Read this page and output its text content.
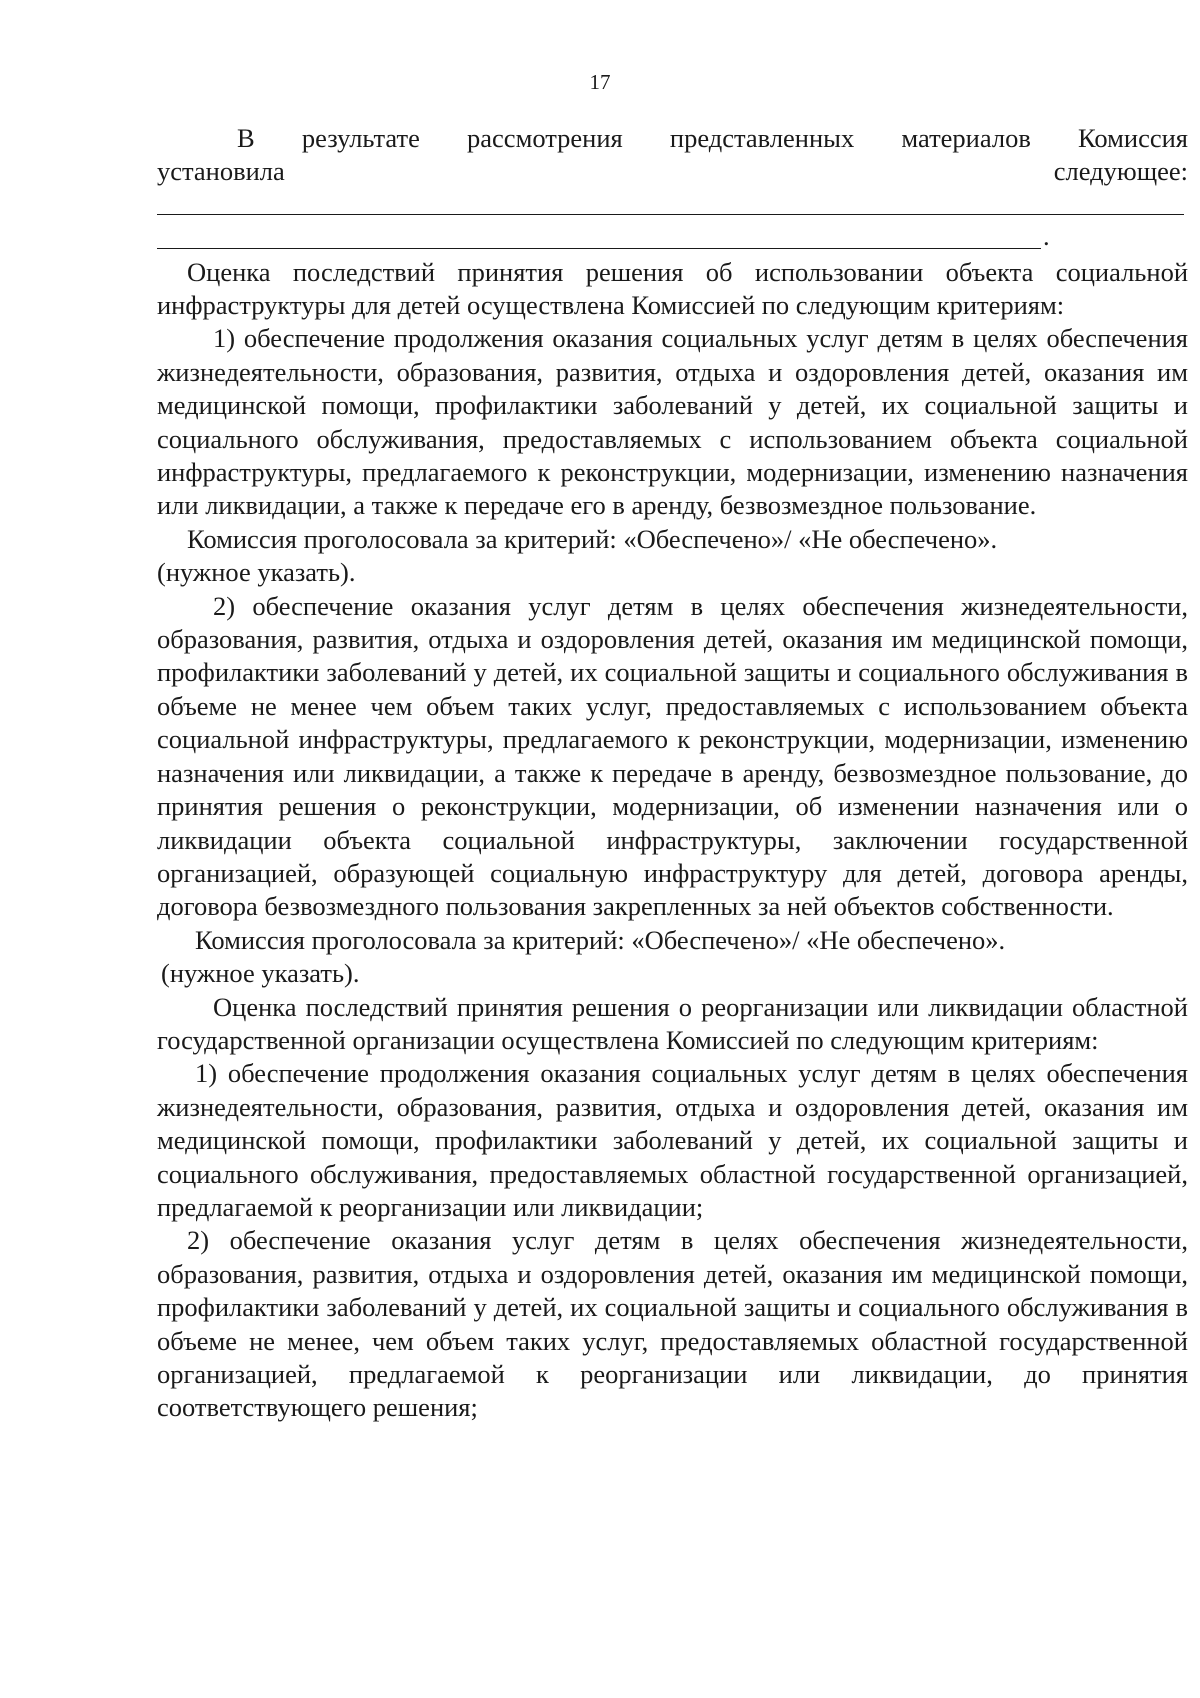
17

В результате рассмотрения представленных материалов Комиссия

установила следующее:

.

Оценка последствий принятия решения об использовании объекта социальной инфраструктуры для детей осуществлена Комиссией по следующим критериям:

1) обеспечение продолжения оказания социальных услуг детям в целях обеспечения жизнедеятельности, образования, развития, отдыха и оздоровления детей, оказания им медицинской помощи, профилактики заболеваний у детей, их социальной защиты и социального обслуживания, предоставляемых с использованием объекта социальной инфраструктуры, предлагаемого к реконструкции, модернизации, изменению назначения или ликвидации, а также к передаче его в аренду, безвозмездное пользование.

Комиссия проголосовала за критерий: «Обеспечено»/ «Не обеспечено».

(нужное указать).

2) обеспечение оказания услуг детям в целях обеспечения жизнедеятельности, образования, развития, отдыха и оздоровления детей, оказания им медицинской помощи, профилактики заболеваний у детей, их социальной защиты и социального обслуживания в объеме не менее чем объем таких услуг, предоставляемых с использованием объекта социальной инфраструктуры, предлагаемого к реконструкции, модернизации, изменению назначения или ликвидации, а также к передаче в аренду, безвозмездное пользование, до принятия решения о реконструкции, модернизации, об изменении назначения или о ликвидации объекта социальной инфраструктуры, заключении государственной организацией, образующей социальную инфраструктуру для детей, договора аренды, договора безвозмездного пользования закрепленных за ней объектов собственности.

Комиссия проголосовала за критерий: «Обеспечено»/ «Не обеспечено».

(нужное указать).

Оценка последствий принятия решения о реорганизации или ликвидации областной государственной организации осуществлена Комиссией по следующим критериям:

1) обеспечение продолжения оказания социальных услуг детям в целях обеспечения жизнедеятельности, образования, развития, отдыха и оздоровления детей, оказания им медицинской помощи, профилактики заболеваний у детей, их социальной защиты и социального обслуживания, предоставляемых областной государственной организацией, предлагаемой к реорганизации или ликвидации;

2) обеспечение оказания услуг детям в целях обеспечения жизнедеятельности, образования, развития, отдыха и оздоровления детей, оказания им медицинской помощи, профилактики заболеваний у детей, их социальной защиты и социального обслуживания в объеме не менее, чем объем таких услуг, предоставляемых областной государственной организацией, предлагаемой к реорганизации или ликвидации, до принятия соответствующего решения;
